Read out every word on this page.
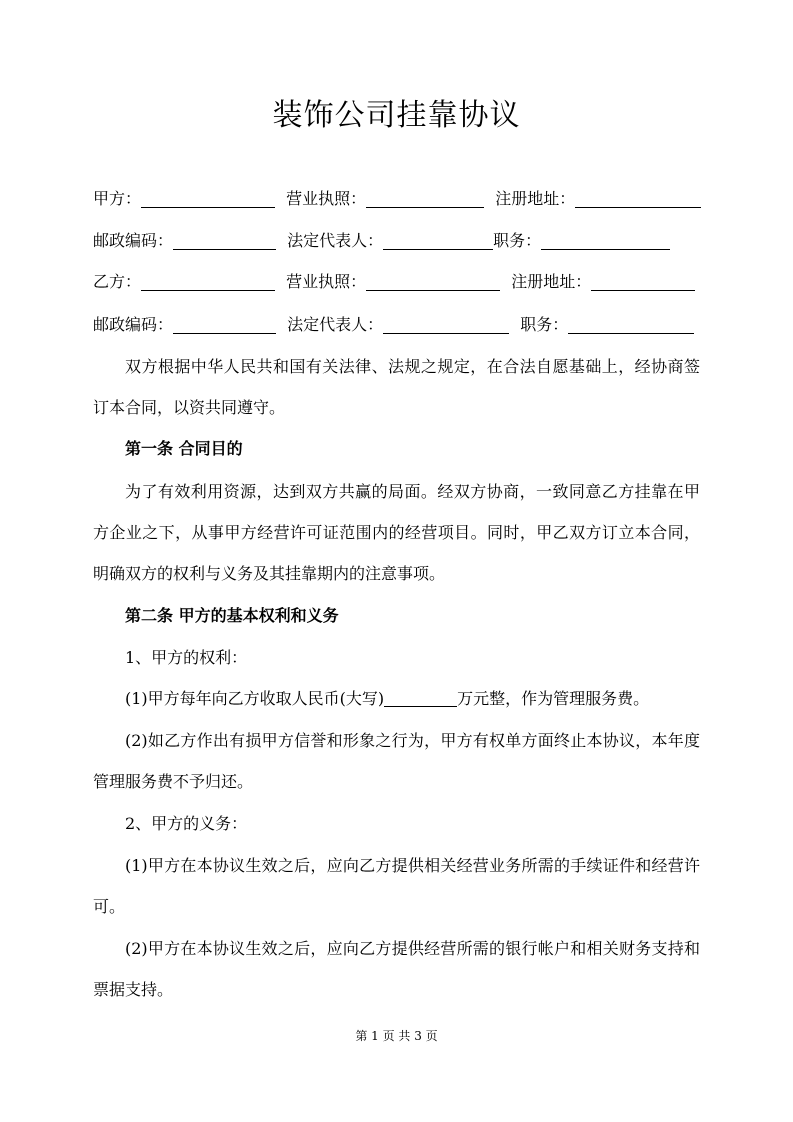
装饰公司挂靠协议
甲方：	营业执照：	注册地址：
邮政编码：	法定代表人：	职务：
乙方：	营业执照：	注册地址：
邮政编码：	法定代表人：	职务：
双方根据中华人民共和国有关法律、法规之规定，在合法自愿基础上，经协商签订本合同，以资共同遵守。
第一条 合同目的
为了有效利用资源，达到双方共赢的局面。经双方协商，一致同意乙方挂靠在甲方企业之下，从事甲方经营许可证范围内的经营项目。同时，甲乙双方订立本合同，明确双方的权利与义务及其挂靠期内的注意事项。
第二条 甲方的基本权利和义务
1、甲方的权利：
(1)甲方每年向乙方收取人民币(大写)	万元整，作为管理服务费。
(2)如乙方作出有损甲方信誉和形象之行为，甲方有权单方面终止本协议，本年度管理服务费不予归还。
2、甲方的义务：
(1)甲方在本协议生效之后，应向乙方提供相关经营业务所需的手续证件和经营许可。
(2)甲方在本协议生效之后，应向乙方提供经营所需的银行帐户和相关财务支持和票据支持。
第 1 页 共 3 页
